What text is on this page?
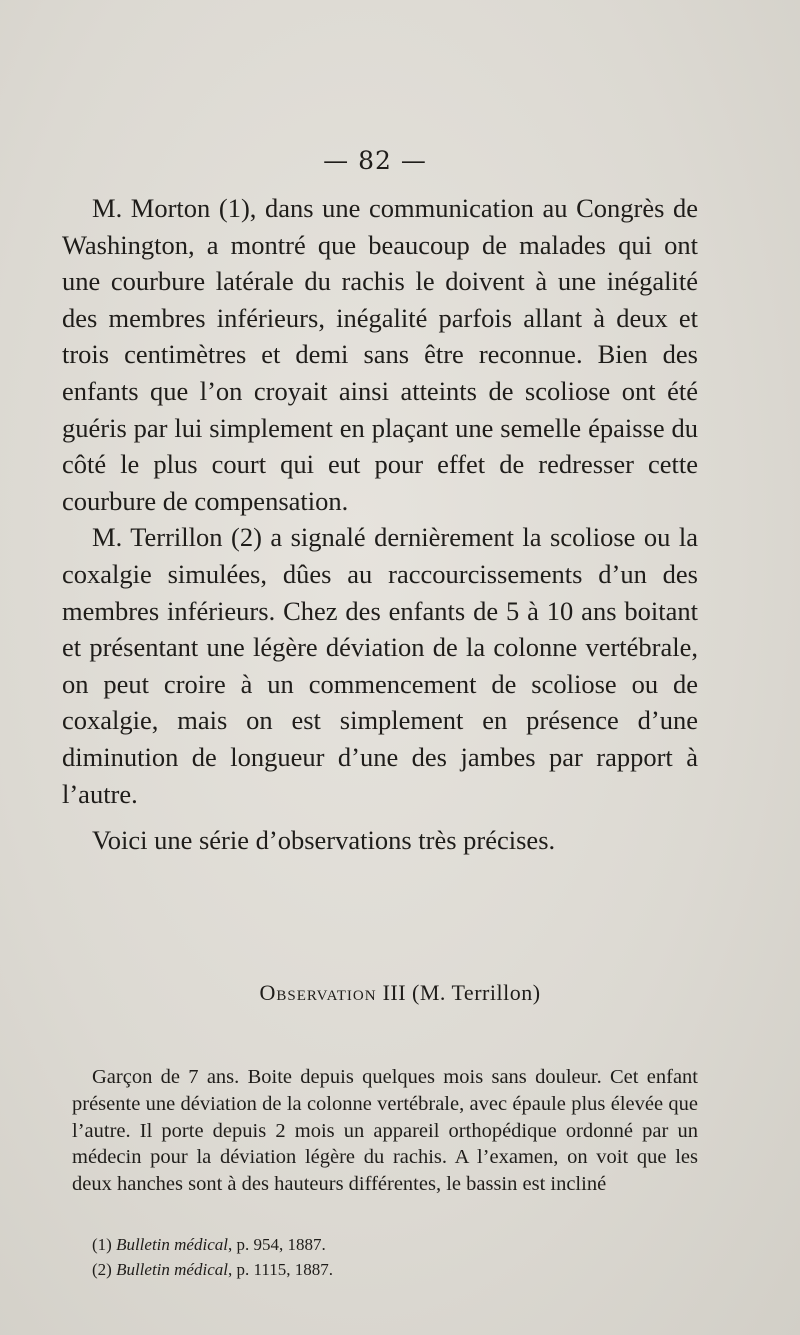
— 82 —

M. Morton (1), dans une communication au Congrès de Washington, a montré que beaucoup de malades qui ont une courbure latérale du rachis le doivent à une inégalité des membres inférieurs, inégalité parfois allant à deux et trois centimètres et demi sans être reconnue. Bien des enfants que l’on croyait ainsi atteints de scoliose ont été guéris par lui simplement en plaçant une semelle épaisse du côté le plus court qui eut pour effet de redresser cette courbure de compensation.

M. Terrillon (2) a signalé dernièrement la scoliose ou la coxalgie simulées, dûes au raccourcissements d’un des membres inférieurs. Chez des enfants de 5 à 10 ans boitant et présentant une légère déviation de la colonne vertébrale, on peut croire à un commencement de scoliose ou de coxalgie, mais on est simplement en présence d’une diminution de longueur d’une des jambes par rapport à l’autre.

Voici une série d’observations très précises.

Observation III (M. Terrillon)

Garçon de 7 ans. Boite depuis quelques mois sans douleur. Cet enfant présente une déviation de la colonne vertébrale, avec épaule plus élevée que l’autre. Il porte depuis 2 mois un appareil orthopédique ordonné par un médecin pour la déviation légère du rachis. A l’examen, on voit que les deux hanches sont à des hauteurs différentes, le bassin est incliné

(1) Bulletin médical, p. 954, 1887.
(2) Bulletin médical, p. 1115, 1887.
